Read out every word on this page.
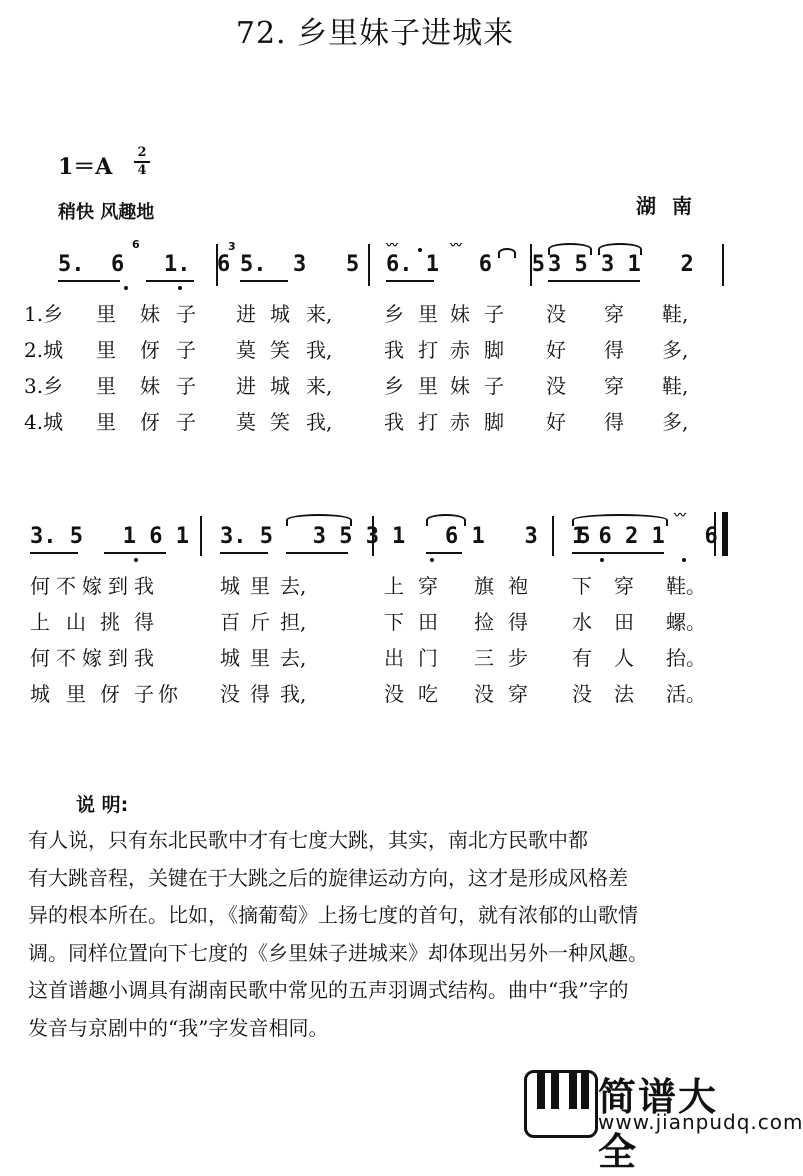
72. 乡里妹子进城来
1＝A
2
4
稍快 风趣地	湖南
6	3	〰	〰
5.  6   1.  6 5.  3   5 6. 1   6   5 3 5 3 1   2
〰
3. 5   1 6 1 3. 5   3 5 3 1   6 1   3   5
1 6 2 1   6
1.乡 里 妹 子 进 城 来,	乡 里 妹 子 没 穿 鞋,
2.城 里 伢 子 莫 笑 我,	我 打 赤 脚 好 得 多,
3.乡 里 妹 子 进 城 来,	乡 里 妹 子 没 穿 鞋,
4.城 里 伢 子 莫 笑 我,	我 打 赤 脚 好 得 多,
何 不 嫁 到 我	城 里 去,	上 穿 旗 袍 下 穿 鞋。
上 山 挑 得	百 斤 担,	下 田 捡 得 水 田 螺。
何 不 嫁 到 我	城 里 去,	出 门 三 步 有 人 抬。
城 里 伢 子 你 没 得 我,	没 吃 没 穿 没 法 活。
说 明:
有人说，只有东北民歌中才有七度大跳，其实，南北方民歌中都
有大跳音程，关键在于大跳之后的旋律运动方向，这才是形成风格差
异的根本所在。比如，《摘葡萄》上扬七度的首句，就有浓郁的山歌情
调。同样位置向下七度的《乡里妹子进城来》却体现出另外一种风趣。
这首谱趣小调具有湖南民歌中常见的五声羽调式结构。曲中“我”字的
发音与京剧中的“我”字发音相同。
简谱大全
www.jianpudq.com
